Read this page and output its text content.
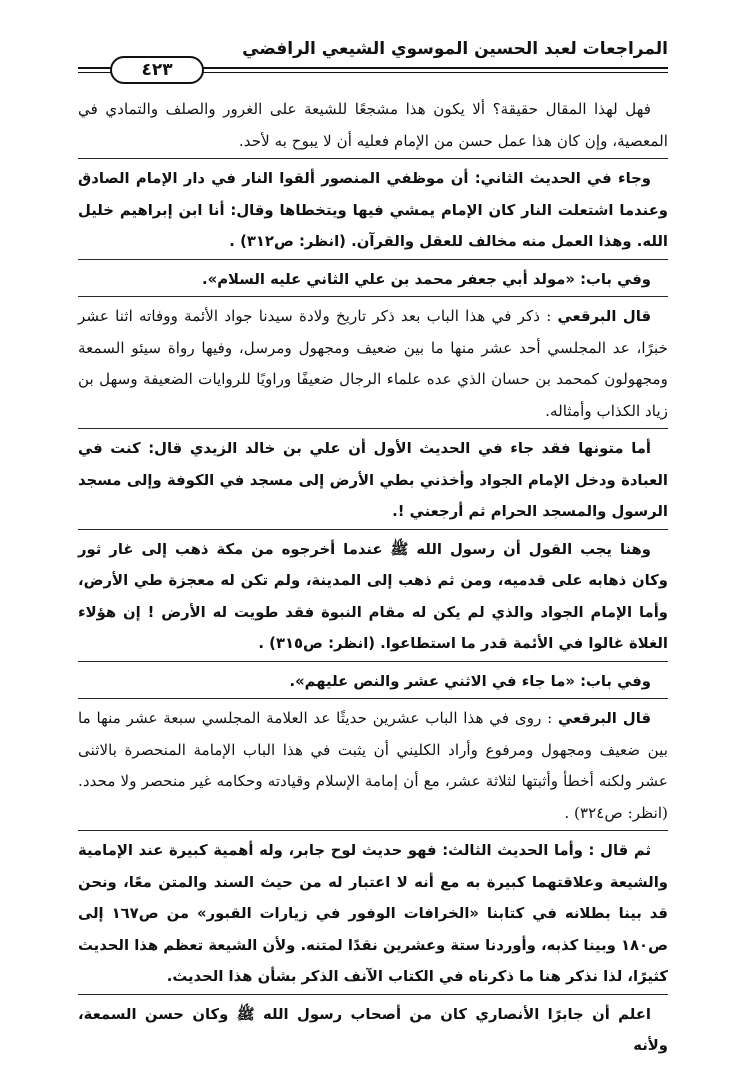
المراجعات لعبد الحسين الموسوي الشيعي الرافضي
٤٢٣

فهل لهذا المقال حقيقة؟ ألا يكون هذا مشجعًا للشيعة على الغرور والصلف والتمادي في المعصية، وإن كان هذا عمل حسن من الإمام فعليه أن لا يبوح به لأحد.

وجاء في الحديث الثاني: أن موظفي المنصور ألقوا النار في دار الإمام الصادق وعندما اشتعلت النار كان الإمام يمشي فيها ويتخطاها وقال: أنا ابن إبراهيم خليل الله. وهذا العمل منه مخالف للعقل والقرآن. (انظر: ص٣١٢) .

وفي باب: «مولد أبي جعفر محمد بن علي الثاني عليه السلام».

قال البرقعي : ذكر في هذا الباب بعد ذكر تاريخ ولادة سيدنا جواد الأئمة ووفاته اثنا عشر خبرًا، عد المجلسي أحد عشر منها ما بين ضعيف ومجهول ومرسل، وفيها رواة سيئو السمعة ومجهولون كمحمد بن حسان الذي عده علماء الرجال ضعيفًا وراويًا للروايات الضعيفة وسهل بن زياد الكذاب وأمثاله.

أما متونها فقد جاء في الحديث الأول أن علي بن خالد الزيدي قال: كنت في العبادة ودخل الإمام الجواد وأخذني بطي الأرض إلى مسجد في الكوفة وإلى مسجد الرسول والمسجد الحرام ثم أرجعني !.

وهنا يجب القول أن رسول الله ﷺ عندما أخرجوه من مكة ذهب إلى غار ثور وكان ذهابه على قدميه، ومن ثم ذهب إلى المدينة، ولم تكن له معجزة طي الأرض، وأما الإمام الجواد والذي لم يكن له مقام النبوة فقد طويت له الأرض ! إن هؤلاء الغلاة غالوا في الأئمة قدر ما استطاعوا. (انظر: ص٣١٥) .

وفي باب: «ما جاء في الاثني عشر والنص عليهم».

قال البرقعي : روى في هذا الباب عشرين حديثًا عد العلامة المجلسي سبعة عشر منها ما بين ضعيف ومجهول ومرفوع وأراد الكليني أن يثبت في هذا الباب الإمامة المنحصرة بالاثنى عشر ولكنه أخطأ وأثبتها لثلاثة عشر، مع أن إمامة الإسلام وقيادته وحكامه غير منحصر ولا محدد. (انظر: ص٣٢٤) .

ثم قال : وأما الحديث الثالث: فهو حديث لوح جابر، وله أهمية كبيرة عند الإمامية والشيعة وعلاقتهما كبيرة به مع أنه لا اعتبار له من حيث السند والمتن معًا، ونحن قد بينا بطلانه في كتابنا «الخرافات الوفور في زيارات القبور» من ص١٦٧ إلى ص١٨٠ وبينا كذبه، وأوردنا ستة وعشرين نقدًا لمتنه. ولأن الشيعة تعظم هذا الحديث كثيرًا، لذا نذكر هنا ما ذكرناه في الكتاب الآنف الذكر بشأن هذا الحديث.

اعلم أن جابرًا الأنصاري كان من أصحاب رسول الله ﷺ وكان حسن السمعة، ولأنه
